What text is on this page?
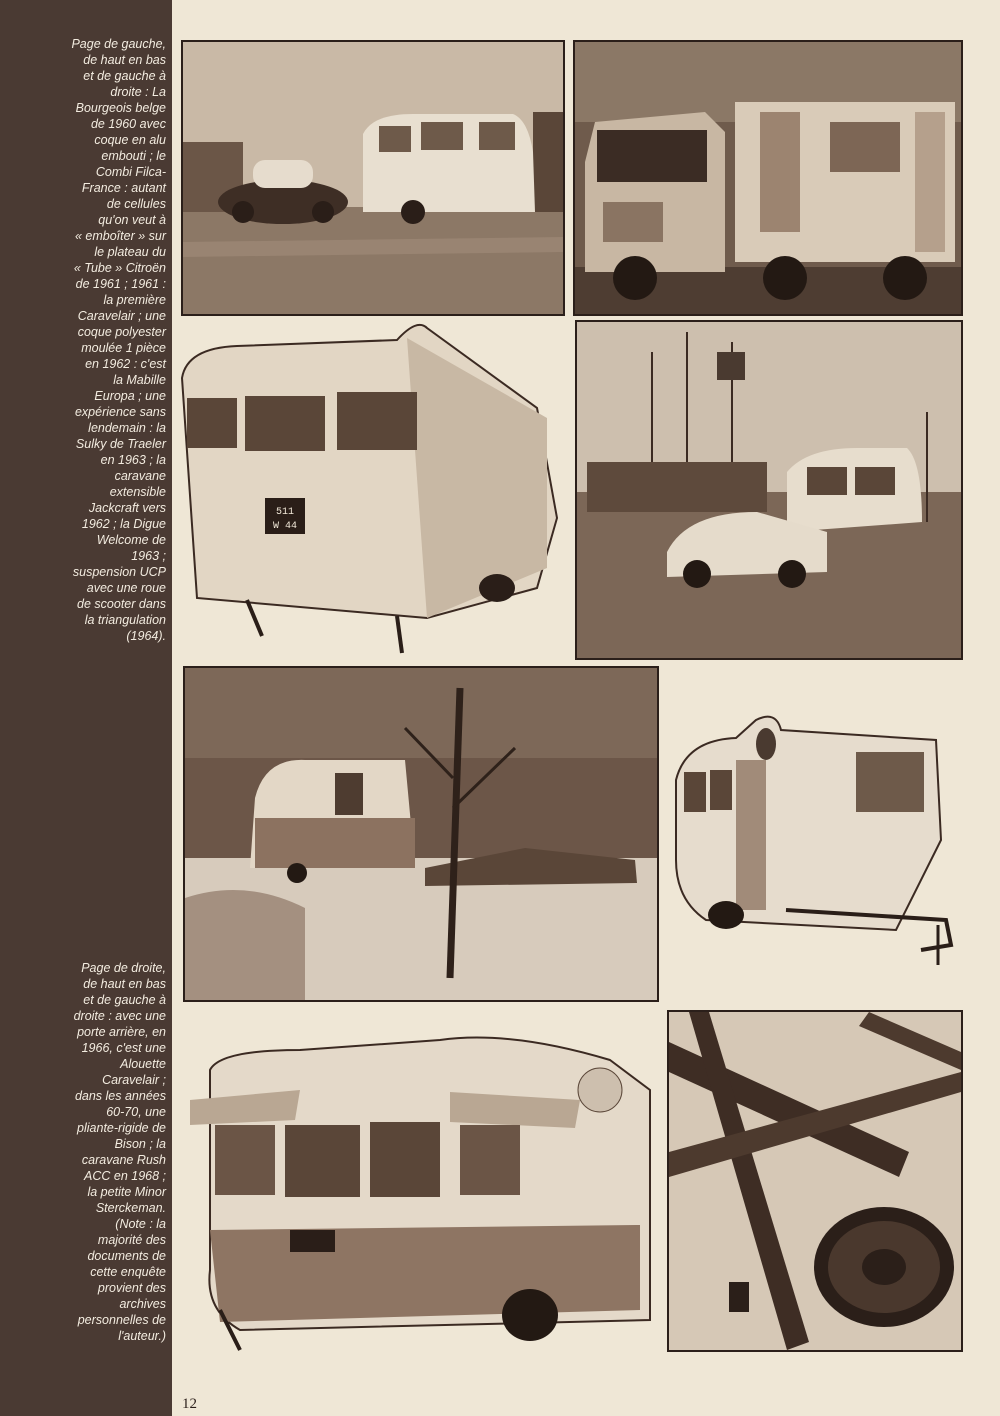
Page de gauche,
de haut en bas
et de gauche à
droite : La
Bourgeois belge
de 1960 avec
coque en alu
embouti ; le
Combi Filca-
France : autant
de cellules
qu'on veut à
« emboîter » sur
le plateau du
« Tube » Citroën
de 1961 ; 1961 :
la première
Caravelair ; une
coque polyester
moulée 1 pièce
en 1962 : c'est
la Mabille
Europa ; une
expérience sans
lendemain : la
Sulky de Traeler
en 1963 ; la
caravane
extensible
Jackcraft vers
1962 ; la Digue
Welcome de
1963 ;
suspension UCP
avec une roue
de scooter dans
la triangulation
(1964).
Page de droite,
de haut en bas
et de gauche à
droite : avec une
porte arrière, en
1966, c'est une
Alouette
Caravelair ;
dans les années
60-70, une
pliante-rigide de
Bison ; la
caravane Rush
ACC en 1968 ;
la petite Minor
Sterckeman.
(Note : la
majorité des
documents de
cette enquête
provient des
archives
personnelles de
l'auteur.)
511
W 44
12
